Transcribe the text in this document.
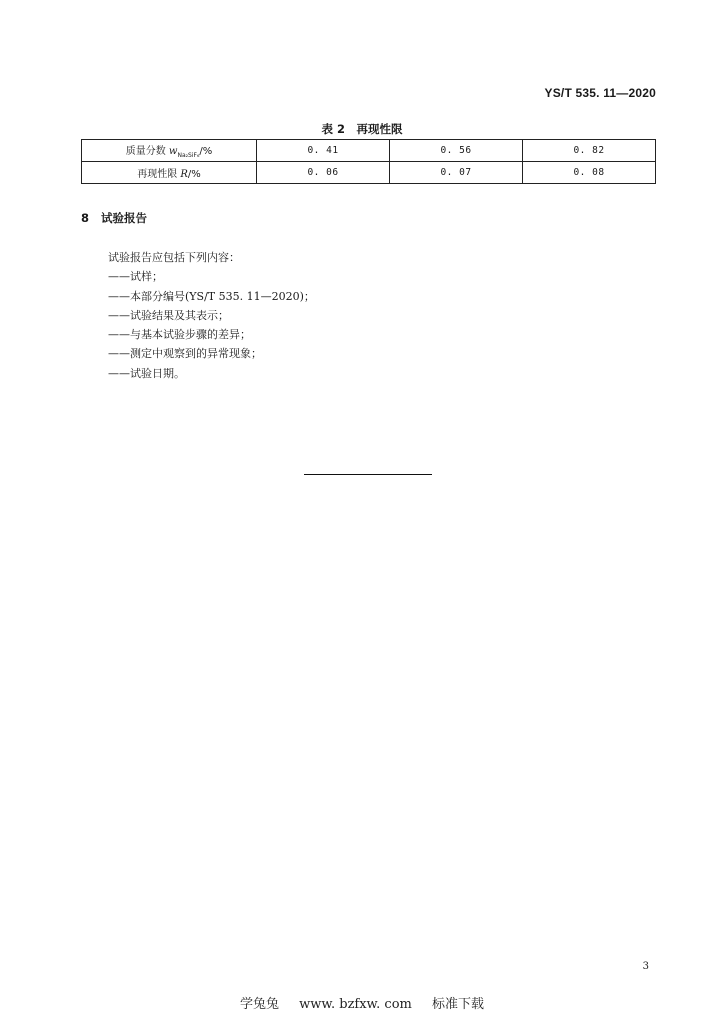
YS/T 535. 11—2020
表 2　再现性限
质量分数 $w_{Na_2SiF_6}/\%$	0. 41	0. 56	0. 82
再现性限 R/%	0. 06	0. 07	0. 08
8 试验报告
试验报告应包括下列内容：
——试样；
——本部分编号(YS/T 535. 11—2020)；
——试验结果及其表示；
——与基本试验步骤的差异；
——测定中观察到的异常现象；
——试验日期。
3
学兔兔 www. bzfxw. com 标准下载
